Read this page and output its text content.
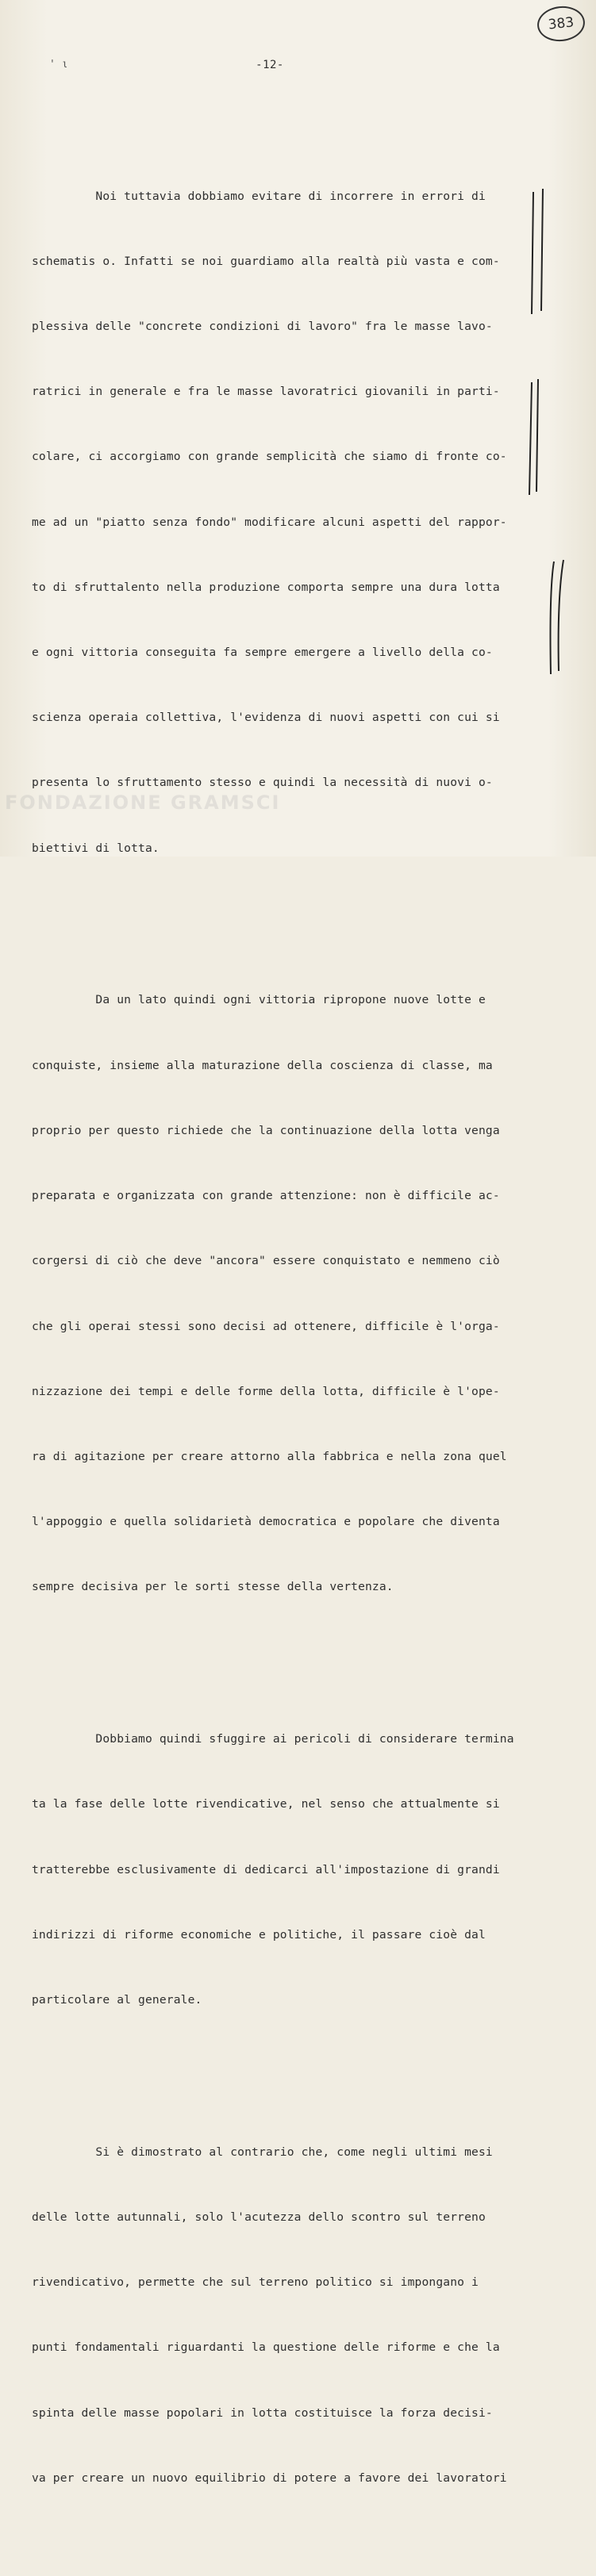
' ι	-12-
383

Noi tuttavia dobbiamo evitare di incorrere in errori di

schematis o. Infatti se noi guardiamo alla realtà più vasta e com-

plessiva delle "concrete condizioni di lavoro" fra le masse lavo-

ratrici in generale e fra le masse lavoratrici giovanili in parti-

colare, ci accorgiamo con grande semplicità che siamo di fronte co-

me ad un "piatto senza fondo" modificare alcuni aspetti del rappor-

to di sfruttalento nella produzione comporta sempre una dura lotta

e ogni vittoria conseguita fa sempre emergere a livello della co-

scienza operaia collettiva, l'evidenza di nuovi aspetti con cui si

presenta lo sfruttamento stesso e quindi la necessità di nuovi o-

biettivi di lotta.

Da un lato quindi ogni vittoria ripropone nuove lotte e

conquiste, insieme alla maturazione della coscienza di classe, ma

proprio per questo richiede che la continuazione della lotta venga

preparata e organizzata con grande attenzione: non è difficile ac-

corgersi di ciò che deve "ancora" essere conquistato e nemmeno ciò

che gli operai stessi sono decisi ad ottenere, difficile è l'orga-

nizzazione dei tempi e delle forme della lotta, difficile è l'ope-

ra di agitazione per creare attorno alla fabbrica e nella zona quel

l'appoggio e quella solidarietà democratica e popolare che diventa

sempre decisiva per le sorti stesse della vertenza.

Dobbiamo quindi sfuggire ai pericoli di considerare termina

ta la fase delle lotte rivendicative, nel senso che attualmente si

tratterebbe esclusivamente di dedicarci all'impostazione di grandi

indirizzi di riforme economiche e politiche, il passare cioè dal

particolare al generale.

Si è dimostrato al contrario che, come negli ultimi mesi

delle lotte autunnali, solo l'acutezza dello scontro sul terreno

rivendicativo, permette che sul terreno politico si impongano i

punti fondamentali riguardanti la questione delle riforme e che la

spinta delle masse popolari in lotta costituisce la forza decisi-

va per creare un nuovo equilibrio di potere a favore dei lavoratori

FONDAZIONE GRAMSCI
